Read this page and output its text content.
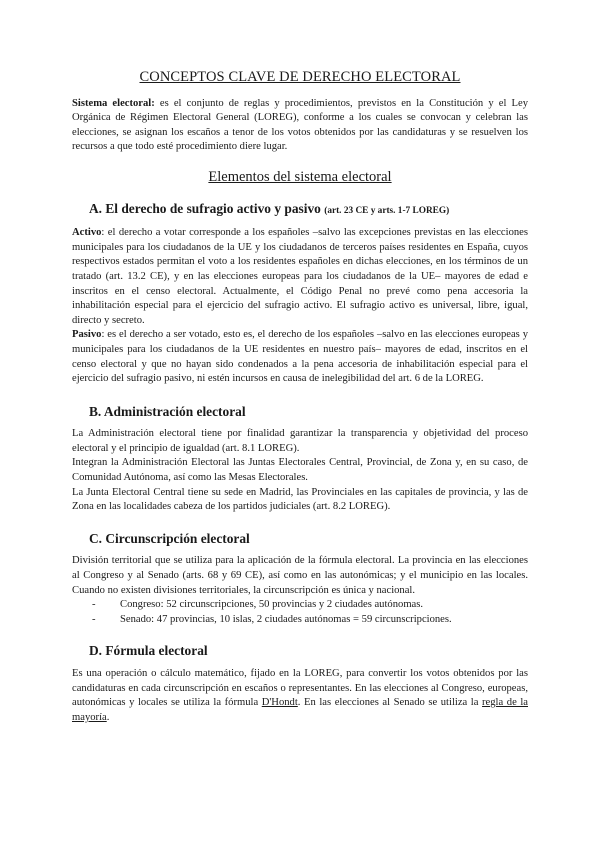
CONCEPTOS CLAVE DE DERECHO ELECTORAL

Sistema electoral: es el conjunto de reglas y procedimientos, previstos en la Constitución y el Ley Orgánica de Régimen Electoral General (LOREG), conforme a los cuales se convocan y celebran las elecciones, se asignan los escaños a tenor de los votos obtenidos por las candidaturas y se resuelven los recursos a que todo esté procedimiento diere lugar.

Elementos del sistema electoral
A. El derecho de sufragio activo y pasivo (art. 23 CE y arts. 1-7 LOREG)

Activo: el derecho a votar corresponde a los españoles –salvo las excepciones previstas en las elecciones municipales para los ciudadanos de la UE y los ciudadanos de terceros países residentes en España, cuyos respectivos estados permitan el voto a los residentes españoles en dichas elecciones, en los términos de un tratado (art. 13.2 CE), y en las elecciones europeas para los ciudadanos de la UE– mayores de edad e inscritos en el censo electoral. Actualmente, el Código Penal no prevé como pena accesoria la inhabilitación especial para el ejercicio del sufragio activo. El sufragio activo es universal, libre, igual, directo y secreto.

Pasivo: es el derecho a ser votado, esto es, el derecho de los españoles –salvo en las elecciones europeas y municipales para los ciudadanos de la UE residentes en nuestro país– mayores de edad, inscritos en el censo electoral y que no hayan sido condenados a la pena accesoria de inhabilitación especial para el ejercicio del sufragio pasivo, ni estén incursos en causa de inelegibilidad del art. 6 de la LOREG.

B. Administración electoral

La Administración electoral tiene por finalidad garantizar la transparencia y objetividad del proceso electoral y el principio de igualdad (art. 8.1 LOREG).

Integran la Administración Electoral las Juntas Electorales Central, Provincial, de Zona y, en su caso, de Comunidad Autónoma, así como las Mesas Electorales.

La Junta Electoral Central tiene su sede en Madrid, las Provinciales en las capitales de provincia, y las de Zona en las localidades cabeza de los partidos judiciales (art. 8.2 LOREG).

C. Circunscripción electoral

División territorial que se utiliza para la aplicación de la fórmula electoral. La provincia en las elecciones al Congreso y al Senado (arts. 68 y 69 CE), así como en las autonómicas; y el municipio en las locales. Cuando no existen divisiones territoriales, la circunscripción es única y nacional.

- Congreso: 52 circunscripciones, 50 provincias y 2 ciudades autónomas.
- Senado: 47 provincias, 10 islas, 2 ciudades autónomas = 59 circunscripciones.
D. Fórmula electoral

Es una operación o cálculo matemático, fijado en la LOREG, para convertir los votos obtenidos por las candidaturas en cada circunscripción en escaños o representantes. En las elecciones al Congreso, europeas, autonómicas y locales se utiliza la fórmula D'Hondt. En las elecciones al Senado se utiliza la regla de la mayoría.
